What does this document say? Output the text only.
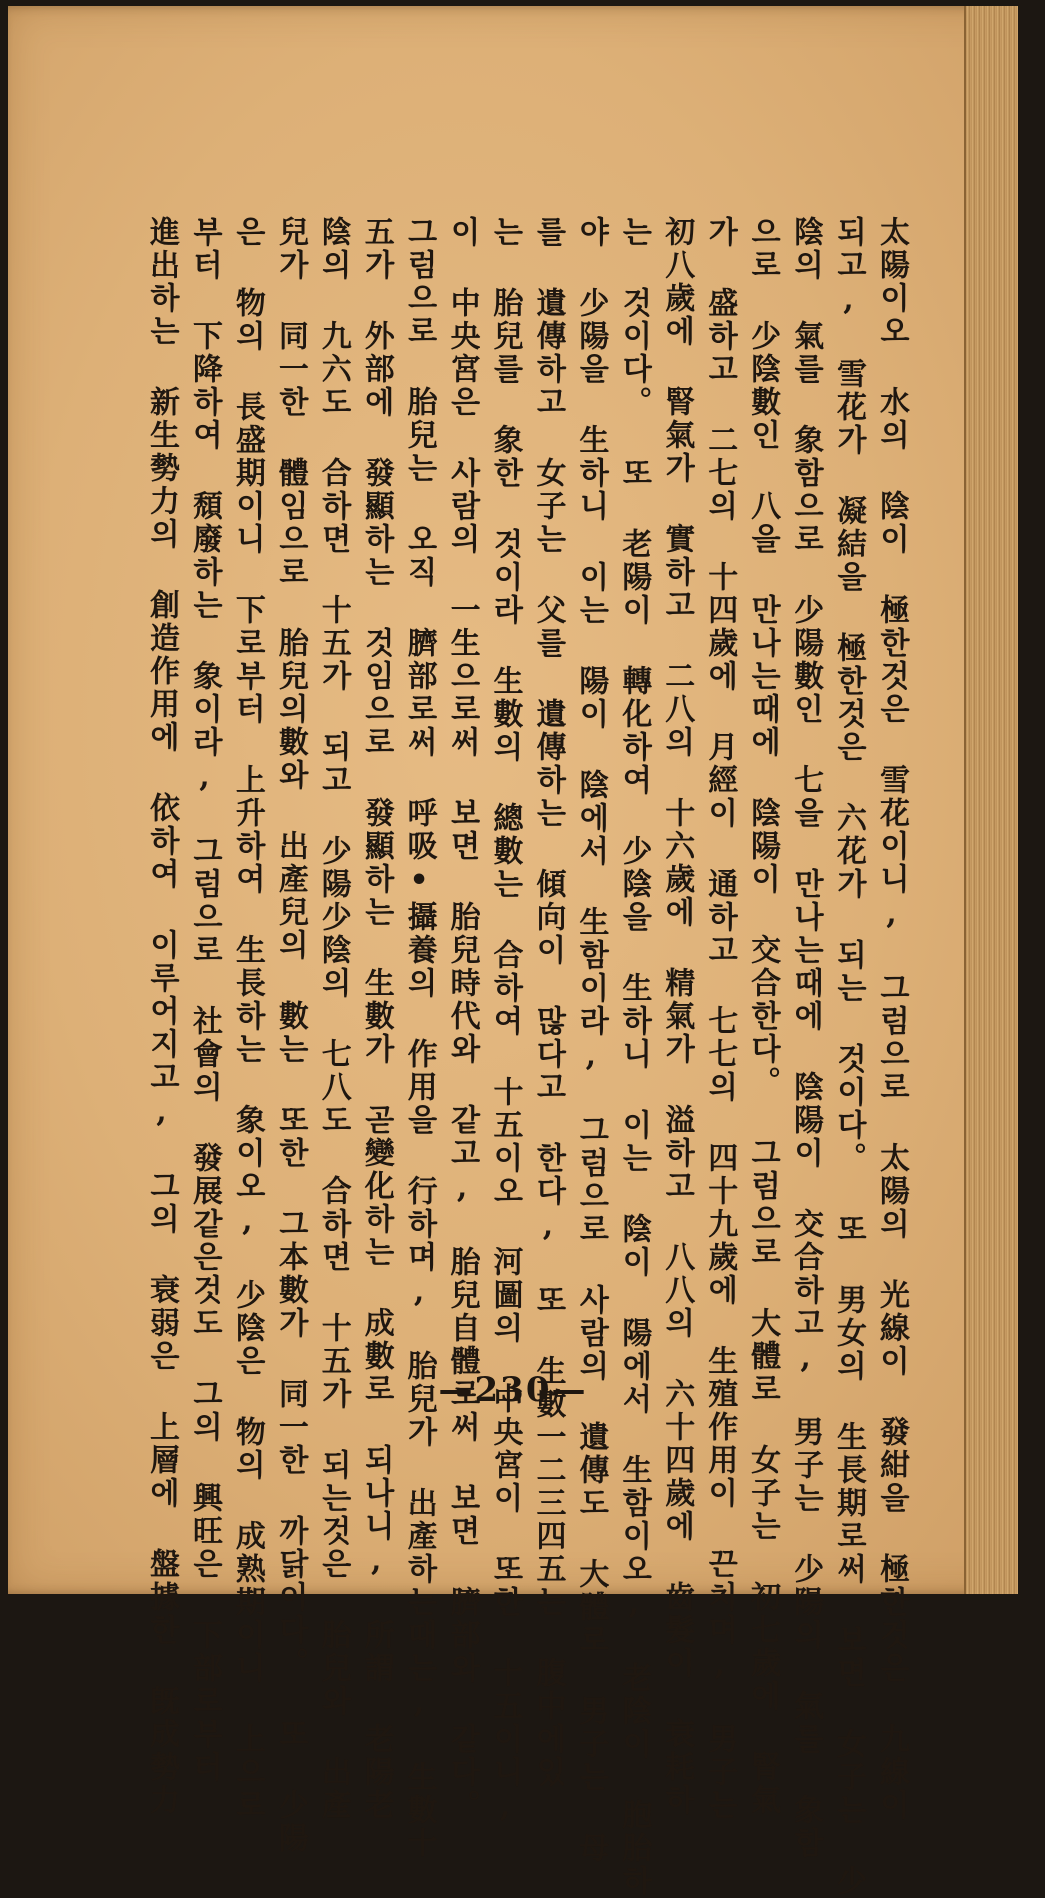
太陽이오 水의 陰이 極한것은 雪花이니, 그럼으로 太陽의 光線이 發紺을 極한것은 九線이
되고, 雪花가 凝結을 極한것은 六花가 되는 것이다。 또 男女의 生長期로써 보면 女子는 少
陰의 氣를 象함으로 少陽數인 七을 만나는때에 陰陽이 交合하고, 男子는 少陽의 氣를 象함
으로 少陰數인 八을 만나는때에 陰陽이 交合한다。 그럼으로 大體로 女子는 初七歲에 腎氣
가 盛하고 二七의 十四歲에 月經이 通하고 七七의 四十九歲에 生殖作用이 끈치며, 男子는
初八歲에 腎氣가 實하고 二八의 十六歲에 精氣가 溢하고 八八의 六十四歲에 齒髮이 衰耗하
는 것이다。 또 老陽이 轉化하여 少陰을 生하니 이는 陰이 陽에서 生함이오, 老陰이 胞胎하
야 少陽을 生하니 이는 陽이 陰에서 生함이라, 그럼으로 사람의 遺傳도 大體로 男子는 母
를 遺傳하고 女子는 父를 遺傳하는 傾向이 많다고 한다, 또 生數一二三四五는 腹中에있
는 胎兒를 象한 것이라 生數의 總數는 合하여 十五이오 河圖의 中央宮이 또한 十五이니,
이 中央宮은 사람의 一生으로써 보면 胎兒時代와 같고, 胎兒自體로써 보면 臍部와 같다。
그럼으로 胎兒는 오직 臍部로써 呼吸•攝養의 作用을 行하며, 胎兒가 出產하는때는, 生數十
五가 外部에 發顯하는 것임으로 發顯하는 生數가 곧變化하는 成數로 되나니, 所謂 老陽老
陰의 九六도 合하면 十五가 되고 少陽少陰의 七八도 合하면 十五가 되는것은 胎兒와 出產
兒가 同一한 體임으로 胎兒의數와 出產兒의 數는 또한 그本數가 同一한 까닭이다。 또 少陽
은 物의 長盛期이니 下로부터 上升하여 生長하는 象이오, 少陰은 物의 成熟期이니 上으로
부터 下降하여 頹廢하는 象이라, 그럼으로 社會의 發展같은것도 그의 興旺은 下部로부터
進出하는 新生勢力의 創造作用에 依하여 이루어지고, 그의 衰弱은 上層에 盤據한 旣成勢力	—230—
